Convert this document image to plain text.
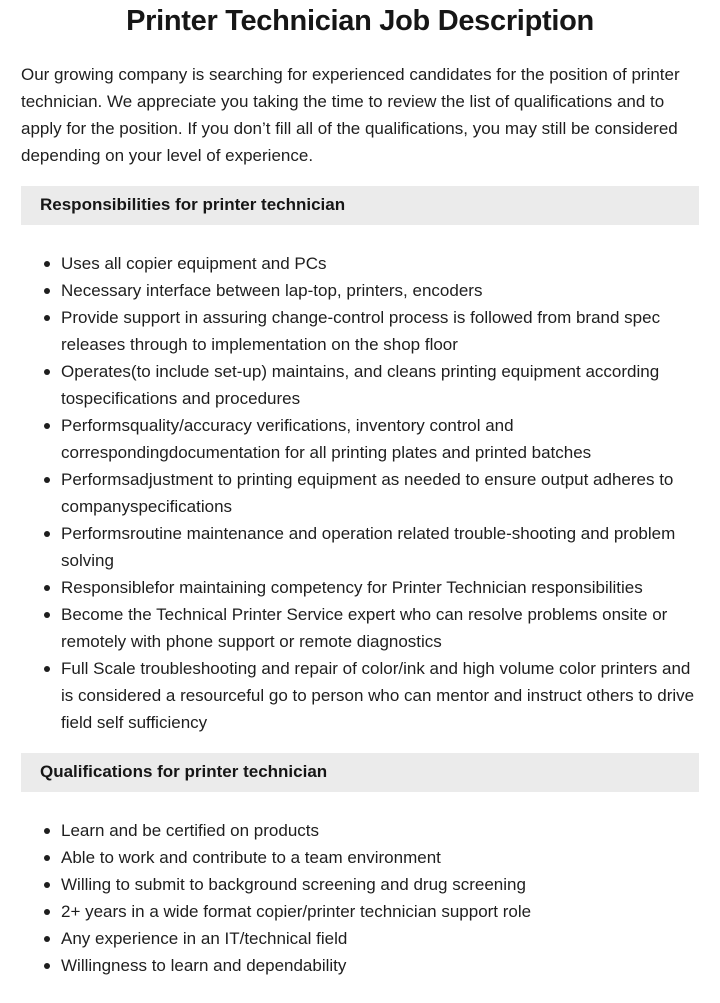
Printer Technician Job Description

Our growing company is searching for experienced candidates for the position of printer technician. We appreciate you taking the time to review the list of qualifications and to apply for the position. If you don’t fill all of the qualifications, you may still be considered depending on your level of experience.

Responsibilities for printer technician
Uses all copier equipment and PCs
Necessary interface between lap-top, printers, encoders
Provide support in assuring change-control process is followed from brand spec releases through to implementation on the shop floor
Operates(to include set-up) maintains, and cleans printing equipment according tospecifications and procedures
Performsquality/accuracy verifications, inventory control and correspondingdocumentation for all printing plates and printed batches
Performsadjustment to printing equipment as needed to ensure output adheres to companyspecifications
Performsroutine maintenance and operation related trouble-shooting and problem solving
Responsiblefor maintaining competency for Printer Technician responsibilities
Become the Technical Printer Service expert who can resolve problems onsite or remotely with phone support or remote diagnostics
Full Scale troubleshooting and repair of color/ink and high volume color printers and is considered a resourceful go to person who can mentor and instruct others to drive field self sufficiency
Qualifications for printer technician
Learn and be certified on products
Able to work and contribute to a team environment
Willing to submit to background screening and drug screening
2+ years in a wide format copier/printer technician support role
Any experience in an IT/technical field
Willingness to learn and dependability
